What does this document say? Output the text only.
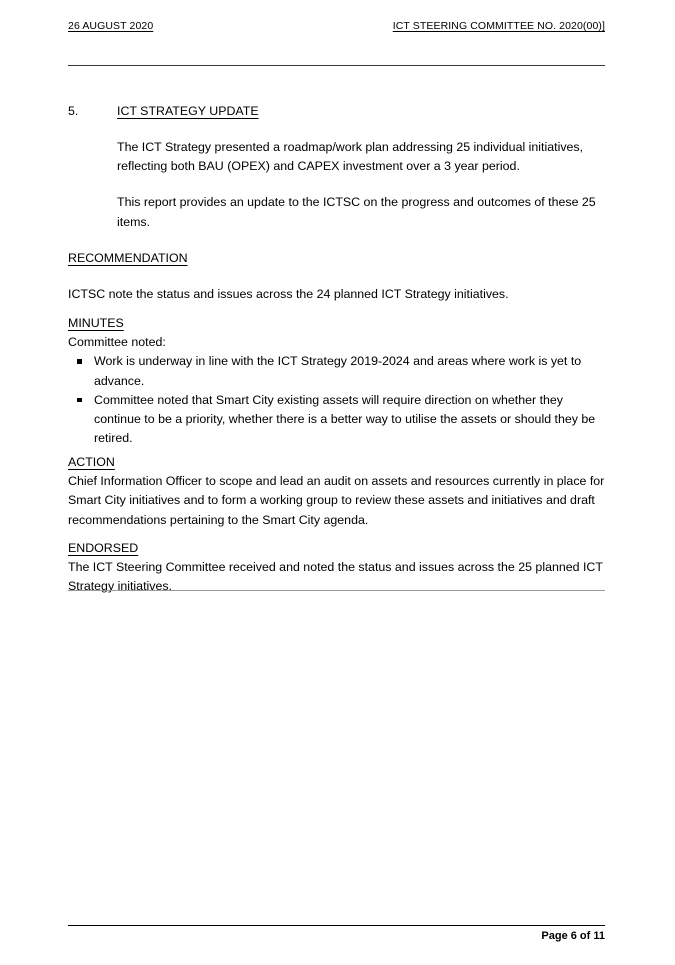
26 AUGUST 2020	ICT STEERING COMMITTEE NO. 2020(00)]
5.	ICT STRATEGY UPDATE
The ICT Strategy presented a roadmap/work plan addressing 25 individual initiatives, reflecting both BAU (OPEX) and CAPEX investment over a 3 year period.
This report provides an update to the ICTSC on the progress and outcomes of these 25 items.
RECOMMENDATION
ICTSC note the status and issues across the 24 planned ICT Strategy initiatives.
MINUTES
Committee noted:
Work is underway in line with the ICT Strategy 2019-2024 and areas where work is yet to advance.
Committee noted that Smart City existing assets will require direction on whether they continue to be a priority, whether there is a better way to utilise the assets or should they be retired.
ACTION
Chief Information Officer to scope and lead an audit on assets and resources currently in place for Smart City initiatives and to form a working group to review these assets and initiatives and draft recommendations pertaining to the Smart City agenda.
ENDORSED
The ICT Steering Committee received and noted the status and issues across the 25 planned ICT Strategy initiatives.
Page 6 of 11
